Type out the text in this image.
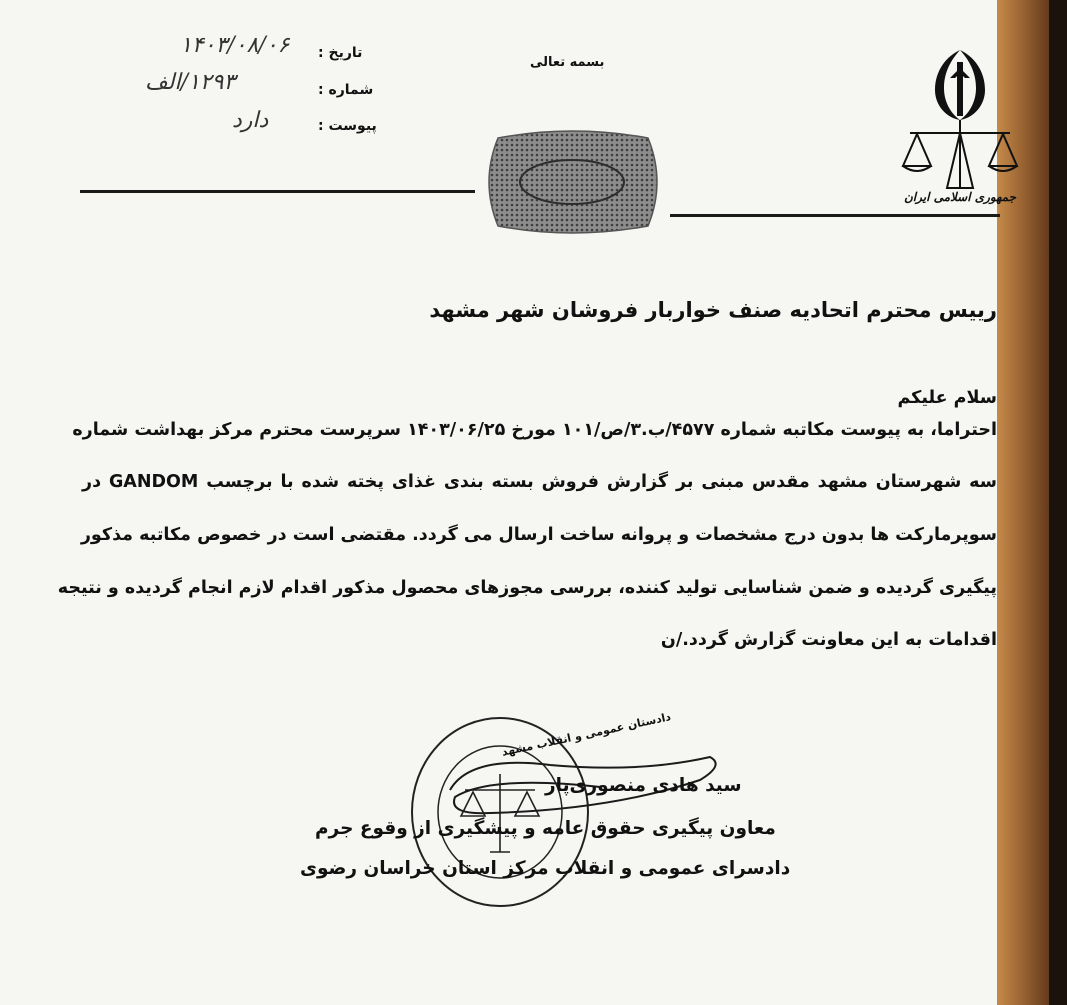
جمهوری اسلامی ایران
بسمه تعالی
تاریخ :
شماره :
پیوست :
۱۴۰۳/۰۸/۰۶
۱۲۹۳/الف
دارد
رییس محترم اتحادیه صنف خواربار فروشان شهر مشهد
سلام علیکم
احتراما، به پیوست مکاتبه شماره ۴۵۷۷/ب.۳/ص/۱۰۱ مورخ ۱۴۰۳/۰۶/۲۵ سرپرست محترم مرکز بهداشت شماره
سه شهرستان مشهد مقدس مبنی بر گزارش فروش بسته بندی غذای پخته شده با برچسب GANDOM در
سوپرمارکت ها بدون درج مشخصات و پروانه ساخت ارسال می گردد. مقتضی است در خصوص مکاتبه مذکور
پیگیری گردیده و ضمن شناسایی تولید کننده، بررسی مجوزهای محصول مذکور اقدام لازم انجام گردیده و نتیجه
اقدامات به این معاونت گزارش گردد./ن
دادستان عمومی و انقلاب مشهد
سید هادی منصوری‌پار
معاون پیگیری حقوق عامه و پیشگیری از وقوع جرم
دادسرای عمومی و انقلاب مرکز استان خراسان رضوی
